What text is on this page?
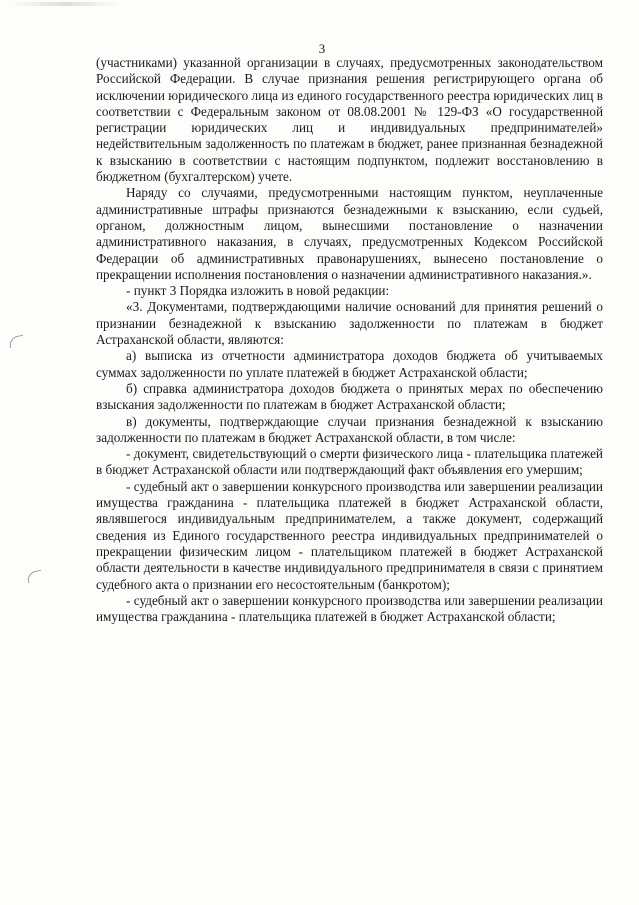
3

(участниками) указанной организации в случаях, предусмотренных законодательством Российской Федерации. В случае признания решения регистрирующего органа об исключении юридического лица из единого государственного реестра юридических лиц в соответствии с Федеральным законом от 08.08.2001 № 129-ФЗ «О государственной регистрации юридических лиц и индивидуальных предпринимателей» недействительным задолженность по платежам в бюджет, ранее признанная безнадежной к взысканию в соответствии с настоящим подпунктом, подлежит восстановлению в бюджетном (бухгалтерском) учете.

Наряду со случаями, предусмотренными настоящим пунктом, неуплаченные административные штрафы признаются безнадежными к взысканию, если судьей, органом, должностным лицом, вынесшими постановление о назначении административного наказания, в случаях, предусмотренных Кодексом Российской Федерации об административных правонарушениях, вынесено постановление о прекращении исполнения постановления о назначении административного наказания.».

- пункт 3 Порядка изложить в новой редакции:

«3. Документами, подтверждающими наличие оснований для принятия решений о признании безнадежной к взысканию задолженности по платежам в бюджет Астраханской области, являются:

а) выписка из отчетности администратора доходов бюджета об учитываемых суммах задолженности по уплате платежей в бюджет Астраханской области;

б) справка администратора доходов бюджета о принятых мерах по обеспечению взыскания задолженности по платежам в бюджет Астраханской области;

в) документы, подтверждающие случаи признания безнадежной к взысканию задолженности по платежам в бюджет Астраханской области, в том числе:

- документ, свидетельствующий о смерти физического лица - плательщика платежей в бюджет Астраханской области или подтверждающий факт объявления его умершим;

- судебный акт о завершении конкурсного производства или завершении реализации имущества гражданина - плательщика платежей в бюджет Астраханской области, являвшегося индивидуальным предпринимателем, а также документ, содержащий сведения из Единого государственного реестра индивидуальных предпринимателей о прекращении физическим лицом - плательщиком платежей в бюджет Астраханской области деятельности в качестве индивидуального предпринимателя в связи с принятием судебного акта о признании его несостоятельным (банкротом);

- судебный акт о завершении конкурсного производства или завершении реализации имущества гражданина - плательщика платежей в бюджет Астраханской области;
